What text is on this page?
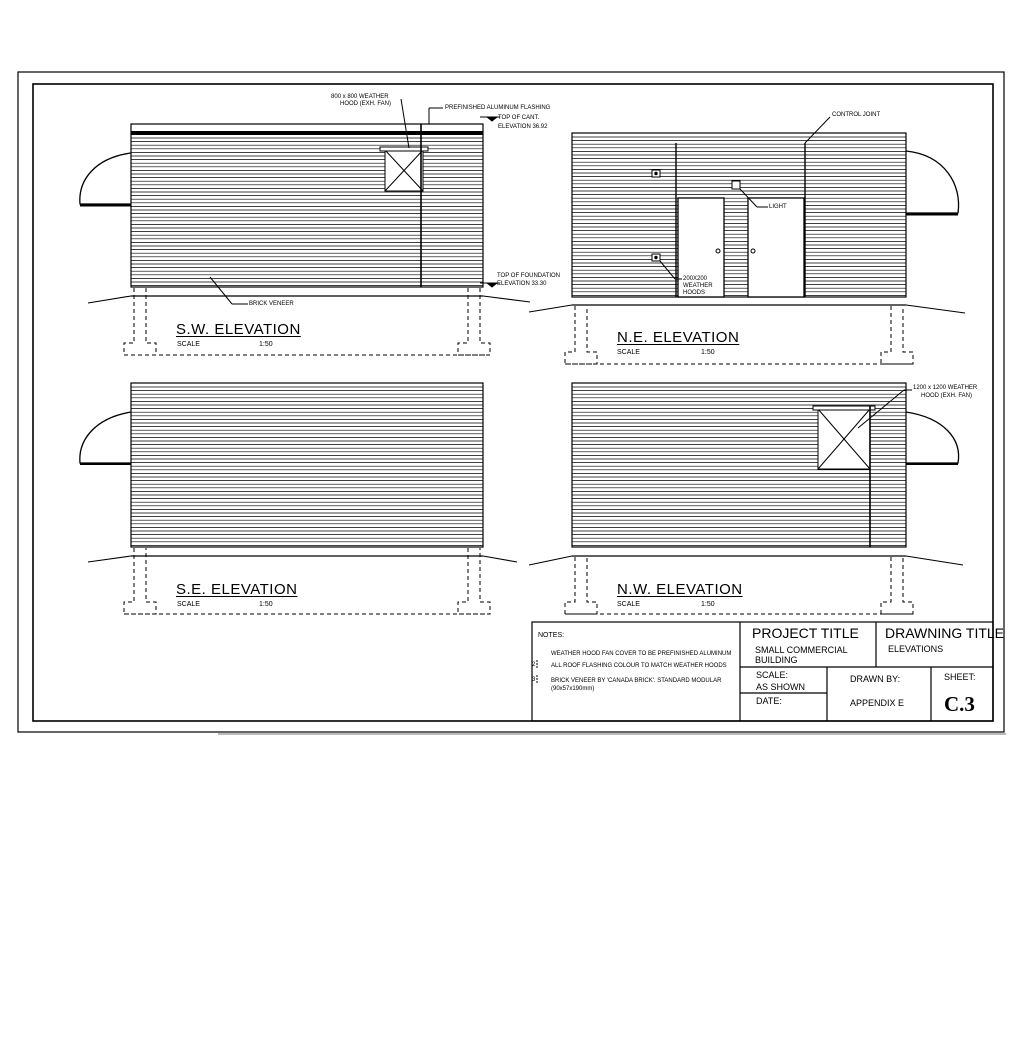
S.W. ELEVATION
SCALE	1:50	N.E. ELEVATION
SCALE	1:50
S.E. ELEVATION
SCALE	1:50
N.W. ELEVATION
SCALE	1:50
800 x 800 WEATHER
HOOD (EXH. FAN)
PREFINISHED ALUMINUM FLASHING
TOP OF CANT.
ELEVATION 36.92
TOP OF FOUNDATION
ELEVATION 33.30
BRICK VENEER
CONTROL JOINT
LIGHT
200X200
WEATHER
HOODS
1200 x 1200 WEATHER
HOOD (EXH. FAN)
NOTES:
WEATHER HOOD FAN COVER TO BE PREFINISHED ALUMINUM
2	ALL ROOF FLASHING COLOUR TO MATCH WEATHER HOODS
3	BRICK VENEER BY 'CANADA BRICK'. STANDARD MODULAR
(90x57x190mm)
PROJECT TITLE
SMALL COMMERCIAL
BUILDING
DRAWNING TITLE
ELEVATIONS
SCALE:
AS SHOWN
DRAWN BY:
APPENDIX E
DATE:
SHEET:
C.3
